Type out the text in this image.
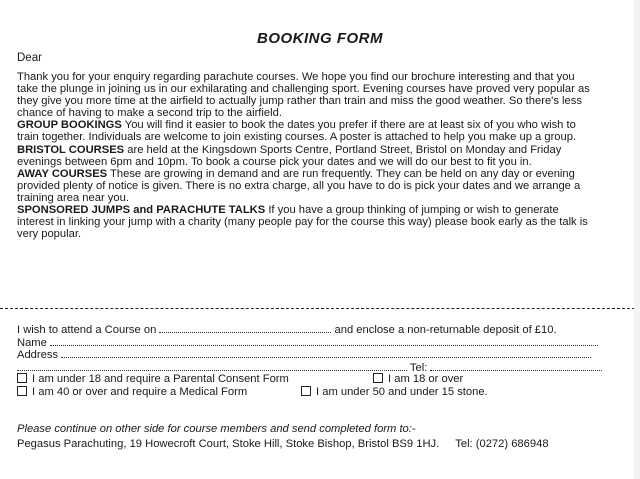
BOOKING FORM
Dear

Thank you for your enquiry regarding parachute courses. We hope you find our brochure interesting and that you take the plunge in joining us in our exhilarating and challenging sport. Evening courses have proved very popular as they give you more time at the airfield to actually jump rather than train and miss the good weather. So there's less chance of having to make a second trip to the airfield.

GROUP BOOKINGS You will find it easier to book the dates you prefer if there are at least six of you who wish to train together. Individuals are welcome to join existing courses. A poster is attached to help you make up a group.

BRISTOL COURSES are held at the Kingsdown Sports Centre, Portland Street, Bristol on Monday and Friday evenings between 6pm and 10pm. To book a course pick your dates and we will do our best to fit you in.

AWAY COURSES These are growing in demand and are run frequently. They can be held on any day or evening provided plenty of notice is given. There is no extra charge, all you have to do is pick your dates and we arrange a training area near you.

SPONSORED JUMPS and PARACHUTE TALKS If you have a group thinking of jumping or wish to generate interest in linking your jump with a charity (many people pay for the course this way) please book early as the talk is very popular.

I wish to attend a Course on	and enclose a non-returnable deposit of £10.
Name
Address
Tel:
I am under 18 and require a Parental Consent Form	I am 18 or over
I am 40 or over and require a Medical Form	I am under 50 and under 15 stone.
Please continue on other side for course members and send completed form to:-
Pegasus Parachuting, 19 Howecroft Court, Stoke Hill, Stoke Bishop, Bristol BS9 1HJ. Tel: (0272) 686948
